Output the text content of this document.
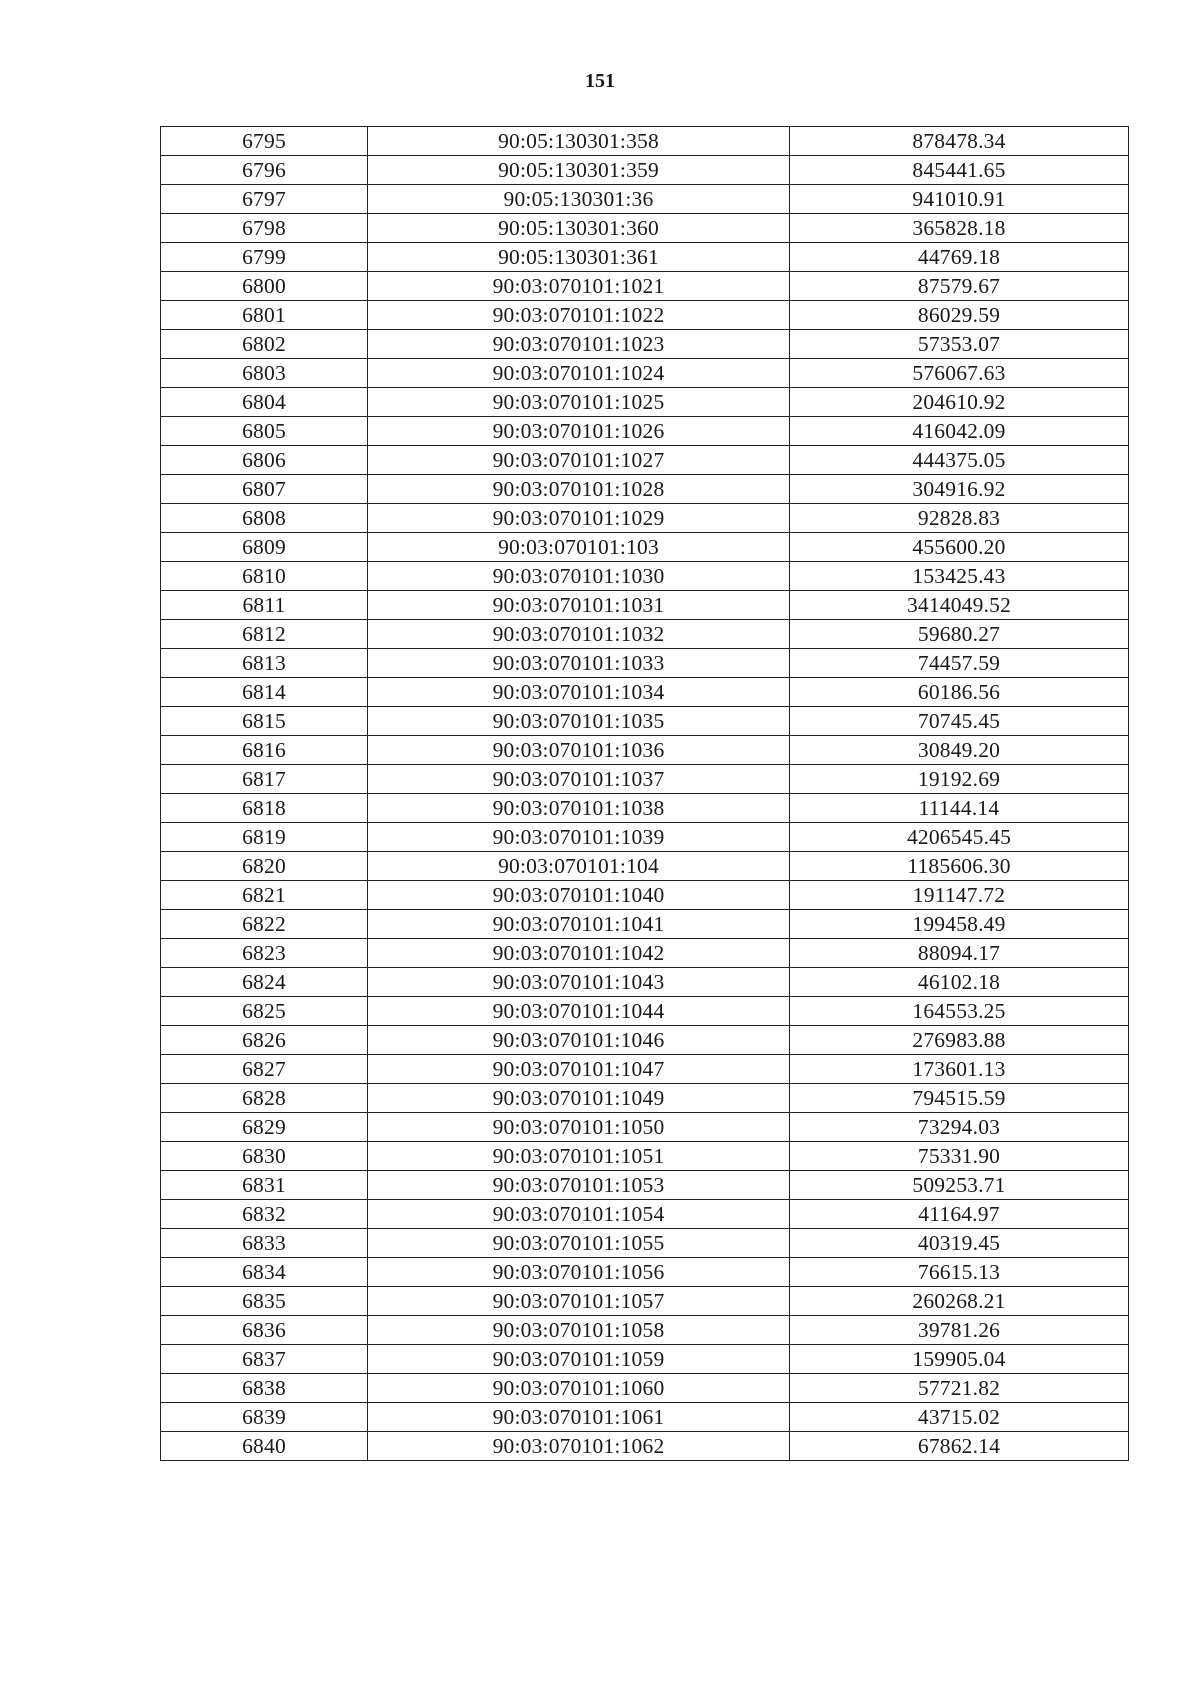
151
6795	90:05:130301:358	878478.34
6796	90:05:130301:359	845441.65
6797	90:05:130301:36	941010.91
6798	90:05:130301:360	365828.18
6799	90:05:130301:361	44769.18
6800	90:03:070101:1021	87579.67
6801	90:03:070101:1022	86029.59
6802	90:03:070101:1023	57353.07
6803	90:03:070101:1024	576067.63
6804	90:03:070101:1025	204610.92
6805	90:03:070101:1026	416042.09
6806	90:03:070101:1027	444375.05
6807	90:03:070101:1028	304916.92
6808	90:03:070101:1029	92828.83
6809	90:03:070101:103	455600.20
6810	90:03:070101:1030	153425.43
6811	90:03:070101:1031	3414049.52
6812	90:03:070101:1032	59680.27
6813	90:03:070101:1033	74457.59
6814	90:03:070101:1034	60186.56
6815	90:03:070101:1035	70745.45
6816	90:03:070101:1036	30849.20
6817	90:03:070101:1037	19192.69
6818	90:03:070101:1038	11144.14
6819	90:03:070101:1039	4206545.45
6820	90:03:070101:104	1185606.30
6821	90:03:070101:1040	191147.72
6822	90:03:070101:1041	199458.49
6823	90:03:070101:1042	88094.17
6824	90:03:070101:1043	46102.18
6825	90:03:070101:1044	164553.25
6826	90:03:070101:1046	276983.88
6827	90:03:070101:1047	173601.13
6828	90:03:070101:1049	794515.59
6829	90:03:070101:1050	73294.03
6830	90:03:070101:1051	75331.90
6831	90:03:070101:1053	509253.71
6832	90:03:070101:1054	41164.97
6833	90:03:070101:1055	40319.45
6834	90:03:070101:1056	76615.13
6835	90:03:070101:1057	260268.21
6836	90:03:070101:1058	39781.26
6837	90:03:070101:1059	159905.04
6838	90:03:070101:1060	57721.82
6839	90:03:070101:1061	43715.02
6840	90:03:070101:1062	67862.14
